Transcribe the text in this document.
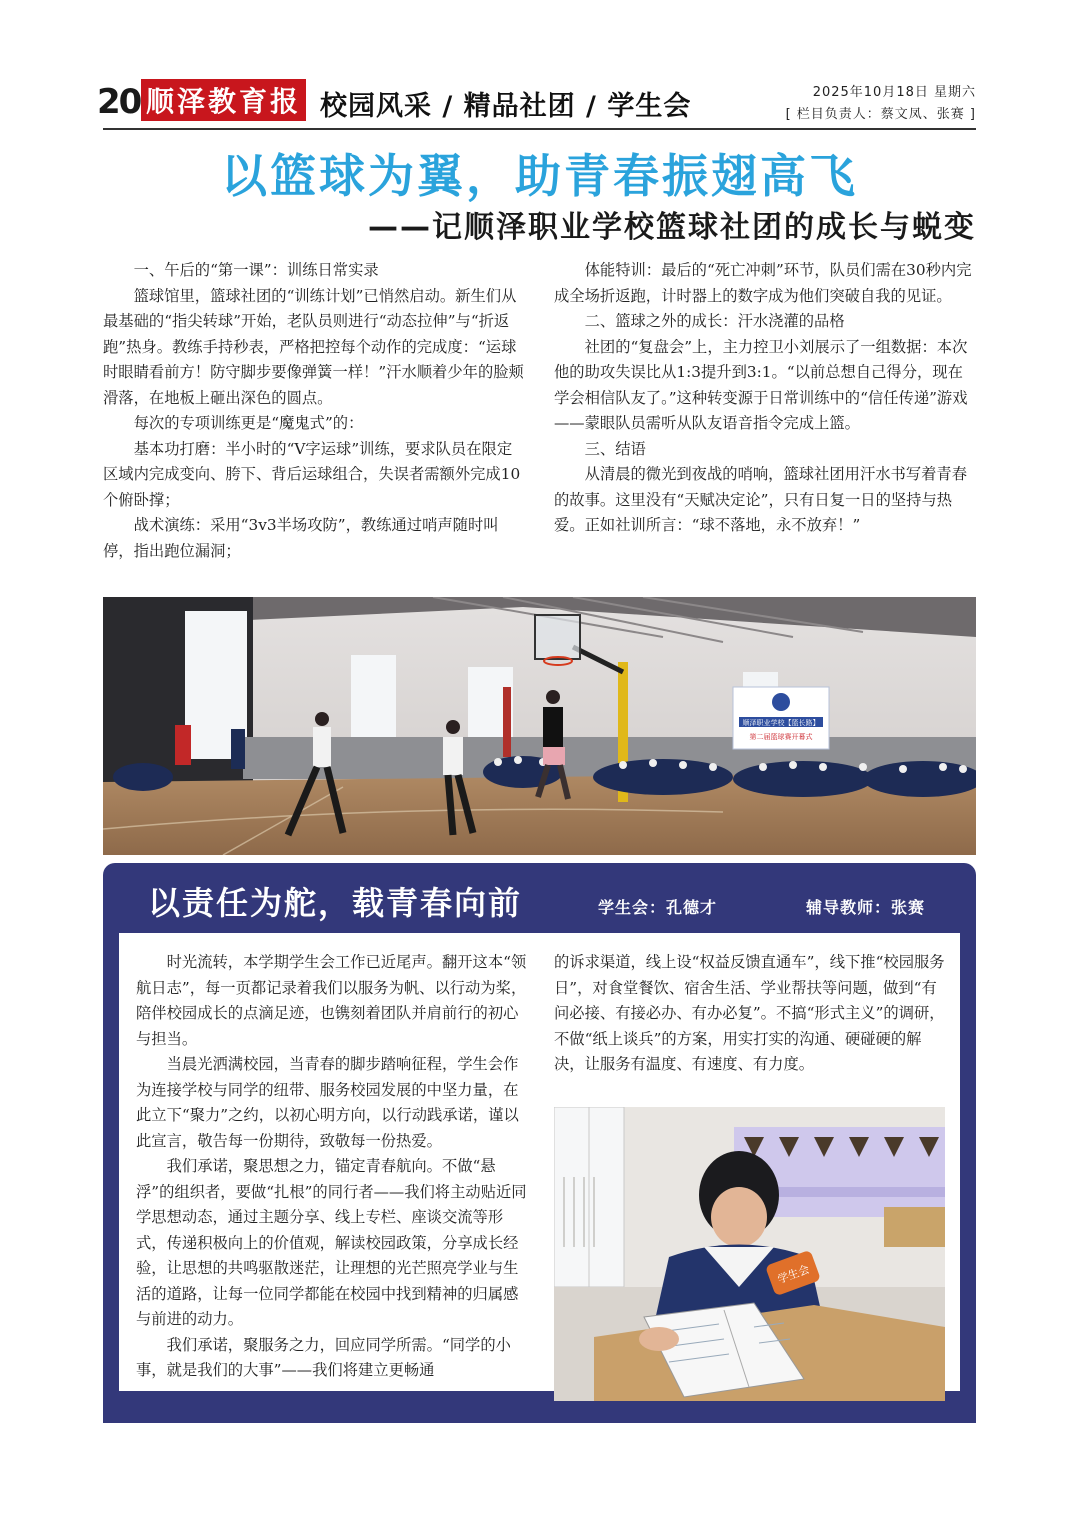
20 顺泽教育报 校园风采 / 精品社团 / 学生会	2025年10月18日 星期六
[ 栏目负责人：蔡文凤、张赛 ]
以篮球为翼，助青春振翅高飞
——记顺泽职业学校篮球社团的成长与蜕变

一、午后的“第一课”：训练日常实录

篮球馆里，篮球社团的“训练计划”已悄然启动。新生们从最基础的“指尖转球”开始，老队员则进行“动态拉伸”与“折返跑”热身。教练手持秒表，严格把控每个动作的完成度：“运球时眼睛看前方！防守脚步要像弹簧一样！”汗水顺着少年的脸颊滑落，在地板上砸出深色的圆点。

每次的专项训练更是“魔鬼式”的：

基本功打磨：半小时的“V字运球”训练，要求队员在限定区域内完成变向、胯下、背后运球组合，失误者需额外完成10个俯卧撑；

战术演练：采用“3v3半场攻防”，教练通过哨声随时叫停，指出跑位漏洞；

体能特训：最后的“死亡冲刺”环节，队员们需在30秒内完成全场折返跑，计时器上的数字成为他们突破自我的见证。

二、篮球之外的成长：汗水浇灌的品格

社团的“复盘会”上，主力控卫小刘展示了一组数据：本次他的助攻失误比从1:3提升到3:1。“以前总想自己得分，现在学会相信队友了。”这种转变源于日常训练中的“信任传递”游戏——蒙眼队员需听从队友语音指令完成上篮。

三、结语

从清晨的微光到夜战的哨响，篮球社团用汗水书写着青春的故事。这里没有“天赋决定论”，只有日复一日的坚持与热爱。正如社训所言：“球不落地，永不放弃！”

顺泽职业学校【篮长路】
第二届篮球赛开幕式
以责任为舵，载青春向前	学生会：孔德才	辅导教师：张赛

时光流转，本学期学生会工作已近尾声。翻开这本“领航日志”，每一页都记录着我们以服务为帆、以行动为桨，陪伴校园成长的点滴足迹，也镌刻着团队并肩前行的初心与担当。

当晨光洒满校园，当青春的脚步踏响征程，学生会作为连接学校与同学的纽带、服务校园发展的中坚力量，在此立下“聚力”之约，以初心明方向，以行动践承诺，谨以此宣言，敬告每一份期待，致敬每一份热爱。

我们承诺，聚思想之力，锚定青春航向。不做“悬浮”的组织者，要做“扎根”的同行者——我们将主动贴近同学思想动态，通过主题分享、线上专栏、座谈交流等形式，传递积极向上的价值观，解读校园政策，分享成长经验，让思想的共鸣驱散迷茫，让理想的光芒照亮学业与生活的道路，让每一位同学都能在校园中找到精神的归属感与前进的动力。

我们承诺，聚服务之力，回应同学所需。“同学的小事，就是我们的大事”——我们将建立更畅通

的诉求渠道，线上设“权益反馈直通车”，线下推“校园服务日”，对食堂餐饮、宿舍生活、学业帮扶等问题，做到“有问必接、有接必办、有办必复”。不搞“形式主义”的调研，不做“纸上谈兵”的方案，用实打实的沟通、硬碰硬的解决，让服务有温度、有速度、有力度。

学生会
